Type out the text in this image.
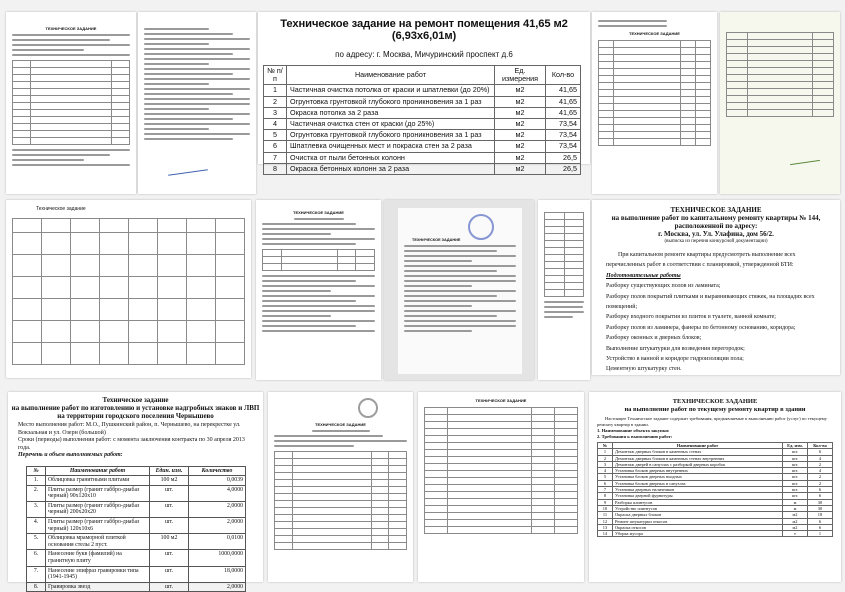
ТЕХНИЧЕСКОЕ ЗАДАНИЕ

			Техническое задание на ремонт помещения 41,65 м2 (6,93х6,01м)
по адресу: г. Москва, Мичуринский проспект д.6
№ п/п	Наименование работ	Ед. измерения	Кол-во
1	Частичная очистка потолка от краски и шпатлевки (до 20%)	м2	41,65
2	Огрунтовка грунтовкой глубокого проникновения за 1 раз	м2	41,65
3	Окраска потолка за 2 раза	м2	41,65
4	Частичная очистка стен от краски (до 25%)	м2	73,54
5	Огрунтовка грунтовкой глубокого проникновения за 1 раз	м2	73,54
6	Шпатлевка очищенных мест и покраска стен за 2 раза	м2	73,54
7	Очистка от пыли бетонных колонн	м2	26,5
8	Окраска бетонных колонн за 2 раза	м2	26,5
ТЕХНИЧЕСКОЕ ЗАДАНИЕ

Техническое задание

ТЕХНИЧЕСКОЕ ЗАДАНИЕ

ТЕХНИЧЕСКОЕ ЗАДАНИЕ

ТЕХНИЧЕСКОЕ ЗАДАНИЕ
на выполнение работ по капитальному ремонту квартиры № 144, расположенной по адресу:
г. Москва, ул. Ул. Улафина, дом 56/2.
(выписка из перечня конкурсной документации)
При капитальном ремонте квартиры предусмотреть выполнение всех перечисленных работ в соответствии с планировкой, утвержденной БТИ:
Подготовительные работы
Разборку существующих полов из ламината;
Разборку полов покрытий плитками и выравнивающих стяжек, на площадях всех помещений;
Разборку входного покрытия из плиток в туалете, ванной комнате;
Разборку полов из ламинера, фанеры по бетонному основанию, коридора;
Разборку оконных и дверных блоков;
Выполнение штукатурки для возведения перегородок;
Устройство в ванной и коридоре гидроизоляции пола;
Цементную штукатурку стен.
Техническое задание
на выполнение работ по изготовлению и установке надгробных знаков и ЛВП на территории городского поселения Чернышево
Место выполнения работ: М.О., Пушкинский район, п. Чернышево, на перекрестке ул. Вокзальная и ул. Озерн (большой)
Сроки (периоды) выполнения работ: с момента заключения контракта по 30 апреля 2013 года.
Перечень и объем выполняемых работ:
№	Наименование работ	Един. изм.	Количество
1.	Облицовка гранитными плитами	100 м2	0,0039
2.	Плиты размер (гранит габбро-диабаз черный) 90х120х10	шт.	4,0000
3.	Плиты размер (гранит габбро-диабаз черный) 200х20х20	шт.	2,0000
4.	Плиты размер (гранит габбро-диабаз черный) 120х10х6	шт.	2,0000
5.	Облицовка мраморной плиткой основания стелы 2 пуст.	100 м2	0,0100
6.	Нанесение букв (фамилий) на гранитную плиту	шт.	1000,0000
7.	Нанесение эпифраз гравировки типа (1941-1945)	шт.	18,0000
8.	Гравировка звезд	шт.	2,0000
ТЕХНИЧЕСКОЕ ЗАДАНИЕ

ТЕХНИЧЕСКОЕ ЗАДАНИЕ

				ТЕХНИЧЕСКОЕ ЗАДАНИЕ
на выполнение работ по текущему ремонту квартир в здании
Настоящее Техническое задание содержит требования, предъявляемые к выполнению работ (услуг) по текущему ремонту квартир в здании.
1. Наименование объекта закупки:
2. Требования к выполнению работ:
№	Наименование работ	Ед. изм.	Кол-во
1	Демонтаж дверных блоков в каменных стенах	шт.	6
2	Демонтаж дверных блоков в каменных стенах внутренних	шт.	4
3	Демонтаж дверей в санузлах с разборкой дверных коробок	шт.	2
4	Установка блоков дверных внутренних	шт.	4
5	Установка блоков дверных входных	шт.	2
6	Установка блоков дверных в санузлах	шт.	2
7	Установка дверных наличников	шт.	6
8	Установка дверной фурнитуры	шт.	6
9	Разборка плинтусов	м	30
10	Устройство плинтусов	м	30
11	Окраска дверных блоков	м2	18
12	Ремонт штукатурки откосов	м2	6
13	Окраска откосов	м2	6
14	Уборка мусора	т	1
